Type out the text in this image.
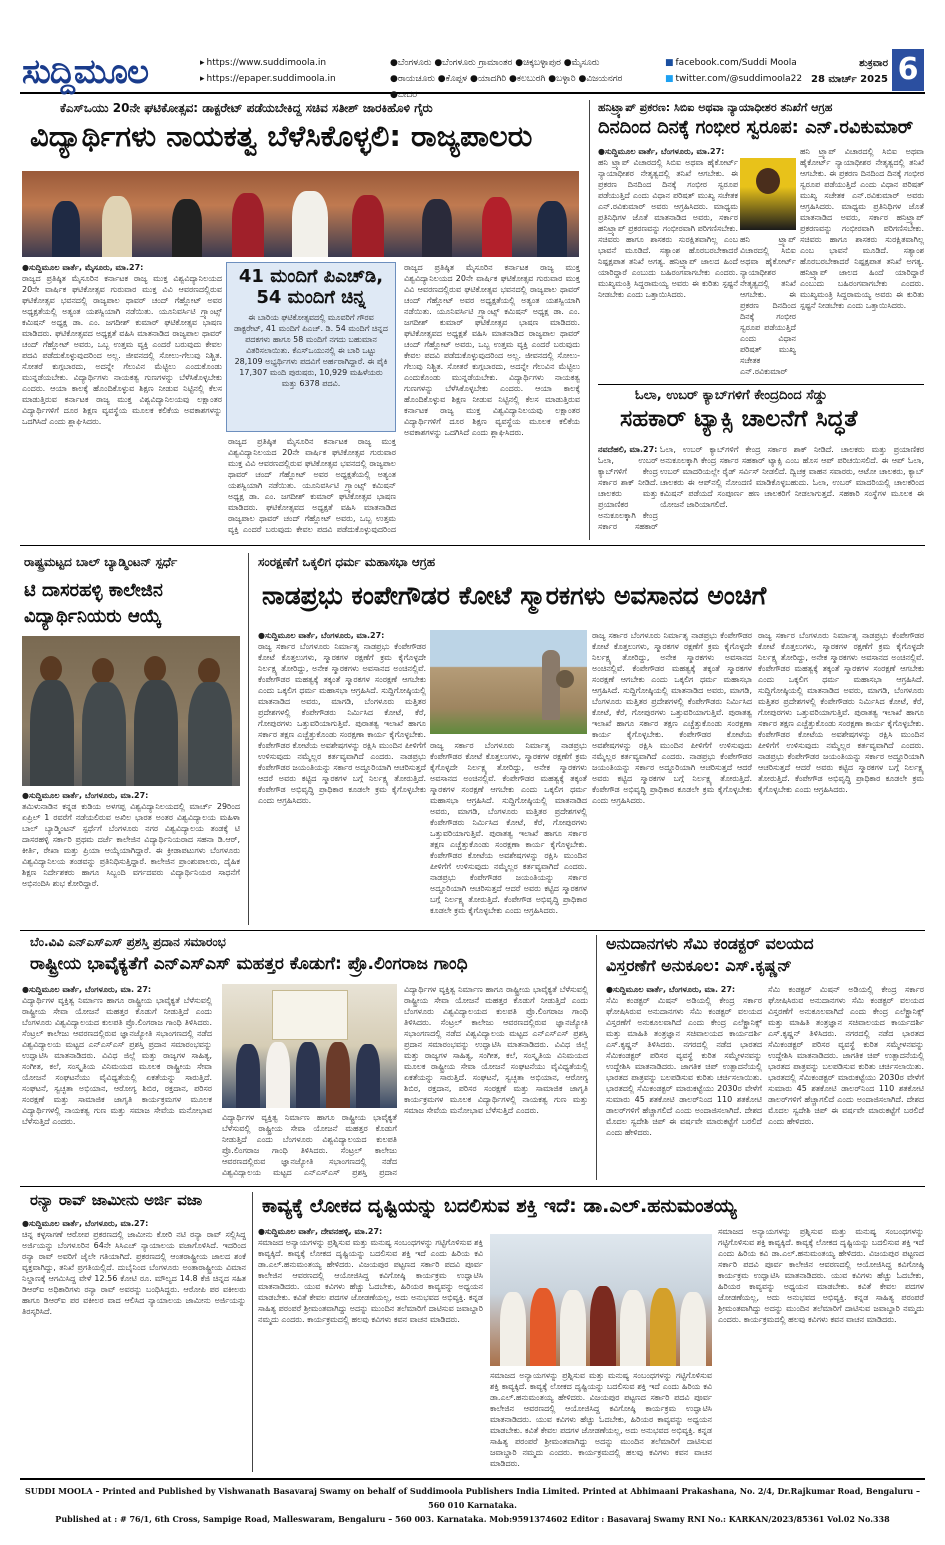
ಸುದ್ದಿಮೂಲ	▸ https://www.suddimoola.in
▸ https://epaper.suddimoola.in
●ಬೆಂಗಳೂರು ●ಬೆಂಗಳೂರು ಗ್ರಾಮಾಂತರ ●ಚಿಕ್ಕಬಳ್ಳಾಪುರ ●ಮೈಸೂರು
●ರಾಯಚೂರು ●ಕೊಪ್ಪಳ ●ಯಾದಗಿರಿ ●ಕಲಬುರಗಿ ●ಬಳ್ಳಾರಿ ●ವಿಜಯನಗರ ●ಬೀದರ
■ facebook.com/Suddi Moola
■ twitter.com/@suddimoola22
ಶುಕ್ರವಾರ
28 ಮಾರ್ಚ್ 2025 6
ಕೆಎಸ್‌ಒಯು 20ನೇ ಘಟಿಕೋತ್ಸವ: ಡಾಕ್ಟರೇಟ್ ಪಡೆಯಬೇಕಿದ್ದ ಸಚಿವ ಸತೀಶ್ ಜಾರಕಿಹೊಳಿ ಗೈರು
ವಿದ್ಯಾರ್ಥಿಗಳು ನಾಯಕತ್ವ ಬೆಳೆಸಿಕೊಳ್ಳಲಿ: ರಾಜ್ಯಪಾಲರು
●ಸುದ್ದಿಮೂಲ ವಾರ್ತೆ, ಮೈಸೂರು, ಮಾ.27:
ರಾಜ್ಯದ ಪ್ರತಿಷ್ಠಿತ ಮೈಸೂರಿನ ಕರ್ನಾಟಕ ರಾಜ್ಯ ಮುಕ್ತ ವಿಶ್ವವಿದ್ಯಾನಿಲಯದ 20ನೇ ವಾರ್ಷಿಕ ಘಟಿಕೋತ್ಸವ ಗುರುವಾರ ಮುಕ್ತ ವಿವಿ ಆವರಣದಲ್ಲಿರುವ ಘಟಿಕೋತ್ಸವ ಭವನದಲ್ಲಿ ರಾಜ್ಯಪಾಲ ಥಾವರ್ ಚಂದ್ ಗೆಹ್ಲೋಟ್ ಅವರ ಅಧ್ಯಕ್ಷತೆಯಲ್ಲಿ ಅತ್ಯಂತ ಯಶಸ್ವಿಯಾಗಿ ನಡೆಯಿತು. ಯೂನಿವರ್ಸಿಟಿ ಗ್ರ್ಯಾಂಟ್ಸ್ ಕಮಿಷನ್ ಅಧ್ಯಕ್ಷ ಡಾ. ಎಂ. ಜಗದೀಶ್ ಕುಮಾರ್ ಘಟಿಕೋತ್ಸವ ಭಾಷಣ ಮಾಡಿದರು. ಘಟಿಕೋತ್ಸವದ ಅಧ್ಯಕ್ಷತೆ ವಹಿಸಿ ಮಾತನಾಡಿದ ರಾಜ್ಯಪಾಲ ಥಾವರ್ ಚಂದ್ ಗೆಹ್ಲೋಟ್ ಅವರು, ಒಬ್ಬ ಉತ್ತಮ ವ್ಯಕ್ತಿ ಎಂದರೆ ಬರುವುದು ಕೇವಲ ಪದವಿ ಪಡೆದುಕೊಳ್ಳುವುದರಿಂದ ಅಲ್ಲ. ಜೀವನದಲ್ಲಿ ಸೋಲು-ಗೆಲುವು ನಿಶ್ಚಿತ. ಸೋತರೆ ಕುಗ್ಗಬಾರದು, ಅದನ್ನೇ ಗೆಲುವಿನ ಮೆಟ್ಟಿಲು ಎಂದುಕೊಂಡು ಮುನ್ನಡೆಯಬೇಕು. ವಿದ್ಯಾರ್ಥಿಗಳು ನಾಯಕತ್ವ ಗುಣಗಳನ್ನು ಬೆಳೆಸಿಕೊಳ್ಳಬೇಕು ಎಂದರು. ಆಯಾ ಕಾಲಕ್ಕೆ ಹೊಂದಿಕೊಳ್ಳುವ ಶಿಕ್ಷಣ ನೀಡುವ ನಿಟ್ಟಿನಲ್ಲಿ ಕೆಲಸ ಮಾಡುತ್ತಿರುವ ಕರ್ನಾಟಕ ರಾಜ್ಯ ಮುಕ್ತ ವಿಶ್ವವಿದ್ಯಾನಿಲಯವು ಲಕ್ಷಾಂತರ ವಿದ್ಯಾರ್ಥಿಗಳಿಗೆ ದೂರ ಶಿಕ್ಷಣ ವ್ಯವಸ್ಥೆಯ ಮೂಲಕ ಕಲಿಕೆಯ ಅವಕಾಶಗಳನ್ನು ಒದಗಿಸಿದೆ ಎಂದು ಶ್ಲಾಘಿಸಿದರು.
ರಾಜ್ಯದ ಪ್ರತಿಷ್ಠಿತ ಮೈಸೂರಿನ ಕರ್ನಾಟಕ ರಾಜ್ಯ ಮುಕ್ತ ವಿಶ್ವವಿದ್ಯಾನಿಲಯದ 20ನೇ ವಾರ್ಷಿಕ ಘಟಿಕೋತ್ಸವ ಗುರುವಾರ ಮುಕ್ತ ವಿವಿ ಆವರಣದಲ್ಲಿರುವ ಘಟಿಕೋತ್ಸವ ಭವನದಲ್ಲಿ ರಾಜ್ಯಪಾಲ ಥಾವರ್ ಚಂದ್ ಗೆಹ್ಲೋಟ್ ಅವರ ಅಧ್ಯಕ್ಷತೆಯಲ್ಲಿ ಅತ್ಯಂತ ಯಶಸ್ವಿಯಾಗಿ ನಡೆಯಿತು. ಯೂನಿವರ್ಸಿಟಿ ಗ್ರ್ಯಾಂಟ್ಸ್ ಕಮಿಷನ್ ಅಧ್ಯಕ್ಷ ಡಾ. ಎಂ. ಜಗದೀಶ್ ಕುಮಾರ್ ಘಟಿಕೋತ್ಸವ ಭಾಷಣ ಮಾಡಿದರು. ಘಟಿಕೋತ್ಸವದ ಅಧ್ಯಕ್ಷತೆ ವಹಿಸಿ ಮಾತನಾಡಿದ ರಾಜ್ಯಪಾಲ ಥಾವರ್ ಚಂದ್ ಗೆಹ್ಲೋಟ್ ಅವರು, ಒಬ್ಬ ಉತ್ತಮ ವ್ಯಕ್ತಿ ಎಂದರೆ ಬರುವುದು ಕೇವಲ ಪದವಿ ಪಡೆದುಕೊಳ್ಳುವುದರಿಂದ
ರಾಜ್ಯದ ಪ್ರತಿಷ್ಠಿತ ಮೈಸೂರಿನ ಕರ್ನಾಟಕ ರಾಜ್ಯ ಮುಕ್ತ ವಿಶ್ವವಿದ್ಯಾನಿಲಯದ 20ನೇ ವಾರ್ಷಿಕ ಘಟಿಕೋತ್ಸವ ಗುರುವಾರ ಮುಕ್ತ ವಿವಿ ಆವರಣದಲ್ಲಿರುವ ಘಟಿಕೋತ್ಸವ ಭವನದಲ್ಲಿ ರಾಜ್ಯಪಾಲ ಥಾವರ್ ಚಂದ್ ಗೆಹ್ಲೋಟ್ ಅವರ ಅಧ್ಯಕ್ಷತೆಯಲ್ಲಿ ಅತ್ಯಂತ ಯಶಸ್ವಿಯಾಗಿ ನಡೆಯಿತು. ಯೂನಿವರ್ಸಿಟಿ ಗ್ರ್ಯಾಂಟ್ಸ್ ಕಮಿಷನ್ ಅಧ್ಯಕ್ಷ ಡಾ. ಎಂ. ಜಗದೀಶ್ ಕುಮಾರ್ ಘಟಿಕೋತ್ಸವ ಭಾಷಣ ಮಾಡಿದರು. ಘಟಿಕೋತ್ಸವದ ಅಧ್ಯಕ್ಷತೆ ವಹಿಸಿ ಮಾತನಾಡಿದ ರಾಜ್ಯಪಾಲ ಥಾವರ್ ಚಂದ್ ಗೆಹ್ಲೋಟ್ ಅವರು, ಒಬ್ಬ ಉತ್ತಮ ವ್ಯಕ್ತಿ ಎಂದರೆ ಬರುವುದು ಕೇವಲ ಪದವಿ ಪಡೆದುಕೊಳ್ಳುವುದರಿಂದ ಅಲ್ಲ. ಜೀವನದಲ್ಲಿ ಸೋಲು-ಗೆಲುವು ನಿಶ್ಚಿತ. ಸೋತರೆ ಕುಗ್ಗಬಾರದು, ಅದನ್ನೇ ಗೆಲುವಿನ ಮೆಟ್ಟಿಲು ಎಂದುಕೊಂಡು ಮುನ್ನಡೆಯಬೇಕು. ವಿದ್ಯಾರ್ಥಿಗಳು ನಾಯಕತ್ವ ಗುಣಗಳನ್ನು ಬೆಳೆಸಿಕೊಳ್ಳಬೇಕು ಎಂದರು. ಆಯಾ ಕಾಲಕ್ಕೆ ಹೊಂದಿಕೊಳ್ಳುವ ಶಿಕ್ಷಣ ನೀಡುವ ನಿಟ್ಟಿನಲ್ಲಿ ಕೆಲಸ ಮಾಡುತ್ತಿರುವ ಕರ್ನಾಟಕ ರಾಜ್ಯ ಮುಕ್ತ ವಿಶ್ವವಿದ್ಯಾನಿಲಯವು ಲಕ್ಷಾಂತರ ವಿದ್ಯಾರ್ಥಿಗಳಿಗೆ ದೂರ ಶಿಕ್ಷಣ ವ್ಯವಸ್ಥೆಯ ಮೂಲಕ ಕಲಿಕೆಯ ಅವಕಾಶಗಳನ್ನು ಒದಗಿಸಿದೆ ಎಂದು ಶ್ಲಾಘಿಸಿದರು.
41 ಮಂದಿಗೆ ಪಿಎಚ್‌ಡಿ,
54 ಮಂದಿಗೆ ಚಿನ್ನ
ಈ ಬಾರಿಯ ಘಟಿಕೋತ್ಸವದಲ್ಲಿ ಮೂವರಿಗೆ ಗೌರವ ಡಾಕ್ಟರೇಟ್, 41 ಮಂದಿಗೆ ಪಿಎಚ್. ಡಿ. 54 ಮಂದಿಗೆ ಚಿನ್ನದ ಪದಕಗಳು ಹಾಗೂ 58 ಮಂದಿಗೆ ನಗದು ಬಹುಮಾನ ವಿತರಿಸಲಾಯಿತು. ಕೆಎಸ್‌ಒಯುನಲ್ಲಿ ಈ ಬಾರಿ ಒಟ್ಟು 28,109 ಅಭ್ಯರ್ಥಿಗಳು ಪದವಿಗೆ ಅರ್ಹರಾಗಿದ್ದಾರೆ. ಈ ಪೈಕಿ 17,307 ಮಂದಿ ಪುರುಷರು, 10,929 ಮಹಿಳೆಯರು ಮತ್ತು 6378 ಪದವಿ.
ಹನಿಟ್ರ್ಯಾಪ್ ಪ್ರಕರಣ: ಸಿಬಿಐ ಅಥವಾ ನ್ಯಾಯಾಧೀಶರ ತನಿಖೆಗೆ ಆಗ್ರಹ
ದಿನದಿಂದ ದಿನಕ್ಕೆ ಗಂಭೀರ ಸ್ವರೂಪ: ಎನ್.ರವಿಕುಮಾರ್
●ಸುದ್ದಿಮೂಲ ವಾರ್ತೆ, ಬೆಂಗಳೂರು, ಮಾ.27:
ಹನಿ ಟ್ರ್ಯಾಪ್ ವಿಚಾರದಲ್ಲಿ ಸಿಬಿಐ ಅಥವಾ ಹೈಕೋರ್ಟ್ ನ್ಯಾಯಾಧೀಶರ ನೇತೃತ್ವದಲ್ಲಿ ತನಿಖೆ ಆಗಬೇಕು. ಈ ಪ್ರಕರಣ ದಿನದಿಂದ ದಿನಕ್ಕೆ ಗಂಭೀರ ಸ್ವರೂಪ ಪಡೆಯುತ್ತಿದೆ ಎಂದು ವಿಧಾನ ಪರಿಷತ್ ಮುಖ್ಯ ಸಚೇತಕ ಎನ್.ರವಿಕುಮಾರ್ ಅವರು ಆಗ್ರಹಿಸಿದರು. ಮಾಧ್ಯಮ ಪ್ರತಿನಿಧಿಗಳ ಜೊತೆ ಮಾತನಾಡಿದ ಅವರು, ಸರ್ಕಾರ ಹನಿಟ್ರ್ಯಾಪ್ ಪ್ರಕರಣವನ್ನು ಗಂಭೀರವಾಗಿ ಪರಿಗಣಿಸಬೇಕು. ಸಚಿವರು ಹಾಗೂ ಶಾಸಕರು ಸುರಕ್ಷಿತವಾಗಿಲ್ಲ ಎಂಬ ಭಾವನೆ ಮೂಡಿದೆ. ಸತ್ಯಾಂಶ ಹೊರಬರಬೇಕಾದರೆ ನಿಷ್ಪಕ್ಷಪಾತ ತನಿಖೆ ಅಗತ್ಯ. ಹನಿಟ್ರ್ಯಾಪ್ ಜಾಲದ ಹಿಂದೆ ಯಾರಿದ್ದಾರೆ ಎಂಬುದು ಬಹಿರಂಗವಾಗಬೇಕು ಎಂದರು. ಮುಖ್ಯಮಂತ್ರಿ ಸಿದ್ದರಾಮಯ್ಯ ಅವರು ಈ ಕುರಿತು ಸ್ಪಷ್ಟನೆ ನೀಡಬೇಕು ಎಂದು ಒತ್ತಾಯಿಸಿದರು.
ಹನಿ ಟ್ರ್ಯಾಪ್ ವಿಚಾರದಲ್ಲಿ ಸಿಬಿಐ ಅಥವಾ ಹೈಕೋರ್ಟ್ ನ್ಯಾಯಾಧೀಶರ ನೇತೃತ್ವದಲ್ಲಿ ತನಿಖೆ ಆಗಬೇಕು. ಈ ಪ್ರಕರಣ ದಿನದಿಂದ ದಿನಕ್ಕೆ ಗಂಭೀರ ಸ್ವರೂಪ ಪಡೆಯುತ್ತಿದೆ ಎಂದು ವಿಧಾನ ಪರಿಷತ್ ಮುಖ್ಯ ಸಚೇತಕ ಎನ್.ರವಿಕುಮಾರ್ ಅವರು ಆಗ್ರಹಿಸಿದರು. ಮಾಧ್ಯಮ ಪ್ರತಿನಿಧಿಗಳ ಜೊತೆ ಮಾತನಾಡಿದ ಅವರು, ಸರ್ಕಾರ ಹನಿಟ್ರ್ಯಾಪ್ ಪ್ರಕರಣವನ್ನು ಗಂಭೀರವಾಗಿ ಪರಿಗಣಿಸಬೇಕು. ಸಚಿವರು ಹಾಗೂ ಶಾಸಕರು ಸುರಕ್ಷಿತವಾಗಿಲ್ಲ ಎಂಬ ಭಾವನೆ ಮೂಡಿದೆ. ಸತ್ಯಾಂಶ ಹೊರಬರಬೇಕಾದರೆ ನಿಷ್ಪಕ್ಷಪಾತ ತನಿಖೆ ಅಗತ್ಯ. ಹನಿಟ್ರ್ಯಾಪ್ ಜಾಲದ ಹಿಂದೆ ಯಾರಿದ್ದಾರೆ ಎಂಬುದು ಬಹಿರಂಗವಾಗಬೇಕು ಎಂದರು. ಮುಖ್ಯಮಂತ್ರಿ ಸಿದ್ದರಾಮಯ್ಯ ಅವರು ಈ ಕುರಿತು ಸ್ಪಷ್ಟನೆ ನೀಡಬೇಕು ಎಂದು ಒತ್ತಾಯಿಸಿದರು.
ಹನಿ ಟ್ರ್ಯಾಪ್ ವಿಚಾರದಲ್ಲಿ ಸಿಬಿಐ ಅಥವಾ ಹೈಕೋರ್ಟ್ ನ್ಯಾಯಾಧೀಶರ ನೇತೃತ್ವದಲ್ಲಿ ತನಿಖೆ ಆಗಬೇಕು. ಈ ಪ್ರಕರಣ ದಿನದಿಂದ ದಿನಕ್ಕೆ ಗಂಭೀರ ಸ್ವರೂಪ ಪಡೆಯುತ್ತಿದೆ ಎಂದು ವಿಧಾನ ಪರಿಷತ್ ಮುಖ್ಯ ಸಚೇತಕ ಎನ್.ರವಿಕುಮಾರ್
ಓಲಾ, ಉಬರ್ ಕ್ಯಾಬ್‌ಗಳಿಗೆ ಕೇಂದ್ರದಿಂದ ಸೆಡ್ಡು
ಸಹಕಾರ್ ಟ್ಯಾಕ್ಸಿ ಚಾಲನೆಗೆ ಸಿದ್ಧತೆ
ನವದೆಹಲಿ, ಮಾ.27: ಓಲಾ, ಉಬರ್ ಕ್ಯಾಬ್‌ಗಳಿಗೆ ಕೇಂದ್ರ ಸರ್ಕಾರ ಶಾಕ್ ನೀಡಿದೆ. ಚಾಲಕರು ಮತ್ತು ಪ್ರಯಾಣಿಕರ ಅನುಕೂಲಕ್ಕಾಗಿ ಕೇಂದ್ರ ಸರ್ಕಾರ ಸಹಕಾರ್ ಟ್ಯಾಕ್ಸಿ ಎಂಬ ಹೊಸ ಆಪ್ ಪರಿಚಯಿಸಲಿದೆ. ಈ ಆಪ್ ಓಲಾ, ಉಬರ್ ಮಾದರಿಯಲ್ಲೇ ರೈಡ್ ಸರ್ವಿಸ್ ನೀಡಲಿದೆ. ದ್ವಿಚಕ್ರ ವಾಹನ ಸವಾರರು, ಆಟೋ ಚಾಲಕರು, ಕ್ಯಾಬ್ ಚಾಲಕರು ಈ ಆಪ್‌ನಲ್ಲಿ ನೋಂದಣಿ ಮಾಡಿಕೊಳ್ಳಬಹುದು. ಓಲಾ, ಉಬರ್ ಮಾದರಿಯಲ್ಲಿ ಚಾಲಕರಿಂದ ಕಮಿಷನ್ ಪಡೆಯದೆ ಸಂಪೂರ್ಣ ಹಣ ಚಾಲಕರಿಗೆ ನೀಡಲಾಗುತ್ತದೆ. ಸಹಕಾರಿ ಸಂಸ್ಥೆಗಳ ಮೂಲಕ ಈ ಯೋಜನೆ ಜಾರಿಯಾಗಲಿದೆ.
ಓಲಾ, ಉಬರ್ ಕ್ಯಾಬ್‌ಗಳಿಗೆ ಕೇಂದ್ರ ಸರ್ಕಾರ ಶಾಕ್ ನೀಡಿದೆ. ಚಾಲಕರು ಮತ್ತು ಪ್ರಯಾಣಿಕರ ಅನುಕೂಲಕ್ಕಾಗಿ ಕೇಂದ್ರ ಸರ್ಕಾರ ಸಹಕಾರ್
ರಾಷ್ಟ್ರಮಟ್ಟದ ಬಾಲ್ ಬ್ಯಾಡ್ಮಿಂಟನ್ ಸ್ಪರ್ಧೆ
ಟಿ ದಾಸರಹಳ್ಳಿ ಕಾಲೇಜಿನ ವಿದ್ಯಾರ್ಥಿನಿಯರು ಆಯ್ಕೆ
●ಸುದ್ದಿಮೂಲ ವಾರ್ತೆ, ಬೆಂಗಳೂರು, ಮಾ.27:
ತಮಿಳುನಾಡಿನ ಕನ್ನಡ ಕುಡಿಯ ಅಳಗಪ್ಪ ವಿಶ್ವವಿದ್ಯಾನಿಲಯದಲ್ಲಿ ಮಾರ್ಚ್ 29ರಿಂದ ಏಪ್ರಿಲ್ 1 ರವರೆಗೆ ನಡೆಯಲಿರುವ ಅಖಿಲ ಭಾರತ ಅಂತರ ವಿಶ್ವವಿದ್ಯಾಲಯ ಮಹಿಳಾ ಬಾಲ್ ಬ್ಯಾಡ್ಮಿಂಟನ್ ಸ್ಪರ್ಧೆಗೆ ಬೆಂಗಳೂರು ನಗರ ವಿಶ್ವವಿದ್ಯಾಲಯ ತಂಡಕ್ಕೆ ಟಿ ದಾಸರಹಳ್ಳಿ ಸರ್ಕಾರಿ ಪ್ರಥಮ ದರ್ಜೆ ಕಾಲೇಜಿನ ವಿದ್ಯಾರ್ಥಿನಿಯರಾದ ಸಹನಾ ಡಿ.ಆರ್, ಕೀರ್ತಿ, ರೇಖಾ ಮತ್ತು ಪ್ರಿಯಾ ಆಯ್ಕೆಯಾಗಿದ್ದಾರೆ. ಈ ಕ್ರೀಡಾಪಟುಗಳು ಬೆಂಗಳೂರು ವಿಶ್ವವಿದ್ಯಾನಿಲಯ ತಂಡವನ್ನು ಪ್ರತಿನಿಧಿಸುತ್ತಿದ್ದಾರೆ. ಕಾಲೇಜಿನ ಪ್ರಾಂಶುಪಾಲರು, ದೈಹಿಕ ಶಿಕ್ಷಣ ನಿರ್ದೇಶಕರು ಹಾಗೂ ಸಿಬ್ಬಂದಿ ವರ್ಗದವರು ವಿದ್ಯಾರ್ಥಿನಿಯರ ಸಾಧನೆಗೆ ಅಭಿನಂದಿಸಿ ಶುಭ ಕೋರಿದ್ದಾರೆ.
ಸಂರಕ್ಷಣೆಗೆ ಒಕ್ಕಲಿಗ ಧರ್ಮ ಮಹಾಸಭಾ ಆಗ್ರಹ
ನಾಡಪ್ರಭು ಕಂಪೇಗೌಡರ ಕೋಟೆ ಸ್ಮಾರಕಗಳು ಅವಸಾನದ ಅಂಚಿಗೆ
●ಸುದ್ದಿಮೂಲ ವಾರ್ತೆ, ಬೆಂಗಳೂರು, ಮಾ.27:
ರಾಜ್ಯ ಸರ್ಕಾರ ಬೆಂಗಳೂರು ನಿರ್ಮಾತೃ ನಾಡಪ್ರಭು ಕೆಂಪೇಗೌಡರ ಕೋಟೆ ಕೊತ್ತಲುಗಳು, ಸ್ಮಾರಕಗಳ ರಕ್ಷಣೆಗೆ ಕ್ರಮ ಕೈಗೊಳ್ಳದೇ ನಿರ್ಲಕ್ಷ್ಯ ತೋರಿದ್ದು, ಅನೇಕ ಸ್ಮಾರಕಗಳು ಅವಸಾನದ ಅಂಚಿನಲ್ಲಿವೆ. ಕೆಂಪೇಗೌಡರ ಮಹತ್ವಕ್ಕೆ ತಕ್ಕಂತೆ ಸ್ಮಾರಕಗಳ ಸಂರಕ್ಷಣೆ ಆಗಬೇಕು ಎಂದು ಒಕ್ಕಲಿಗ ಧರ್ಮ ಮಹಾಸಭಾ ಆಗ್ರಹಿಸಿದೆ. ಸುದ್ದಿಗೋಷ್ಠಿಯಲ್ಲಿ ಮಾತನಾಡಿದ ಅವರು, ಮಾಗಡಿ, ಬೆಂಗಳೂರು ಮತ್ತಿತರ ಪ್ರದೇಶಗಳಲ್ಲಿ ಕೆಂಪೇಗೌಡರು ನಿರ್ಮಿಸಿದ ಕೋಟೆ, ಕೆರೆ, ಗೋಪುರಗಳು ಒತ್ತುವರಿಯಾಗುತ್ತಿವೆ. ಪುರಾತತ್ವ ಇಲಾಖೆ ಹಾಗೂ ಸರ್ಕಾರ ತಕ್ಷಣ ಎಚ್ಚೆತ್ತುಕೊಂಡು ಸಂರಕ್ಷಣಾ ಕಾರ್ಯ ಕೈಗೊಳ್ಳಬೇಕು. ಕೆಂಪೇಗೌಡರ ಕೋಟೆಯ ಅವಶೇಷಗಳನ್ನು ರಕ್ಷಿಸಿ ಮುಂದಿನ ಪೀಳಿಗೆಗೆ ಉಳಿಸುವುದು ನಮ್ಮೆಲ್ಲರ ಕರ್ತವ್ಯವಾಗಿದೆ ಎಂದರು. ನಾಡಪ್ರಭು ಕೆಂಪೇಗೌಡರ ಜಯಂತಿಯನ್ನು ಸರ್ಕಾರ ಅದ್ದೂರಿಯಾಗಿ ಆಚರಿಸುತ್ತದೆ ಆದರೆ ಅವರು ಕಟ್ಟಿದ ಸ್ಮಾರಕಗಳ ಬಗ್ಗೆ ನಿರ್ಲಕ್ಷ್ಯ ತೋರುತ್ತಿದೆ. ಕೆಂಪೇಗೌಡ ಅಭಿವೃದ್ಧಿ ಪ್ರಾಧಿಕಾರ ಕೂಡಲೇ ಕ್ರಮ ಕೈಗೊಳ್ಳಬೇಕು ಎಂದು ಆಗ್ರಹಿಸಿದರು.
ರಾಜ್ಯ ಸರ್ಕಾರ ಬೆಂಗಳೂರು ನಿರ್ಮಾತೃ ನಾಡಪ್ರಭು ಕೆಂಪೇಗೌಡರ ಕೋಟೆ ಕೊತ್ತಲುಗಳು, ಸ್ಮಾರಕಗಳ ರಕ್ಷಣೆಗೆ ಕ್ರಮ ಕೈಗೊಳ್ಳದೇ ನಿರ್ಲಕ್ಷ್ಯ ತೋರಿದ್ದು, ಅನೇಕ ಸ್ಮಾರಕಗಳು ಅವಸಾನದ ಅಂಚಿನಲ್ಲಿವೆ. ಕೆಂಪೇಗೌಡರ ಮಹತ್ವಕ್ಕೆ ತಕ್ಕಂತೆ ಸ್ಮಾರಕಗಳ ಸಂರಕ್ಷಣೆ ಆಗಬೇಕು ಎಂದು ಒಕ್ಕಲಿಗ ಧರ್ಮ ಮಹಾಸಭಾ ಆಗ್ರಹಿಸಿದೆ. ಸುದ್ದಿಗೋಷ್ಠಿಯಲ್ಲಿ ಮಾತನಾಡಿದ ಅವರು, ಮಾಗಡಿ, ಬೆಂಗಳೂರು ಮತ್ತಿತರ ಪ್ರದೇಶಗಳಲ್ಲಿ ಕೆಂಪೇಗೌಡರು ನಿರ್ಮಿಸಿದ ಕೋಟೆ, ಕೆರೆ, ಗೋಪುರಗಳು ಒತ್ತುವರಿಯಾಗುತ್ತಿವೆ. ಪುರಾತತ್ವ ಇಲಾಖೆ ಹಾಗೂ ಸರ್ಕಾರ ತಕ್ಷಣ ಎಚ್ಚೆತ್ತುಕೊಂಡು ಸಂರಕ್ಷಣಾ ಕಾರ್ಯ ಕೈಗೊಳ್ಳಬೇಕು. ಕೆಂಪೇಗೌಡರ ಕೋಟೆಯ ಅವಶೇಷಗಳನ್ನು ರಕ್ಷಿಸಿ ಮುಂದಿನ ಪೀಳಿಗೆಗೆ ಉಳಿಸುವುದು ನಮ್ಮೆಲ್ಲರ ಕರ್ತವ್ಯವಾಗಿದೆ ಎಂದರು. ನಾಡಪ್ರಭು ಕೆಂಪೇಗೌಡರ ಜಯಂತಿಯನ್ನು ಸರ್ಕಾರ ಅದ್ದೂರಿಯಾಗಿ ಆಚರಿಸುತ್ತದೆ ಆದರೆ ಅವರು ಕಟ್ಟಿದ ಸ್ಮಾರಕಗಳ ಬಗ್ಗೆ ನಿರ್ಲಕ್ಷ್ಯ ತೋರುತ್ತಿದೆ. ಕೆಂಪೇಗೌಡ ಅಭಿವೃದ್ಧಿ ಪ್ರಾಧಿಕಾರ ಕೂಡಲೇ ಕ್ರಮ ಕೈಗೊಳ್ಳಬೇಕು ಎಂದು ಆಗ್ರಹಿಸಿದರು.
ರಾಜ್ಯ ಸರ್ಕಾರ ಬೆಂಗಳೂರು ನಿರ್ಮಾತೃ ನಾಡಪ್ರಭು ಕೆಂಪೇಗೌಡರ ಕೋಟೆ ಕೊತ್ತಲುಗಳು, ಸ್ಮಾರಕಗಳ ರಕ್ಷಣೆಗೆ ಕ್ರಮ ಕೈಗೊಳ್ಳದೇ ನಿರ್ಲಕ್ಷ್ಯ ತೋರಿದ್ದು, ಅನೇಕ ಸ್ಮಾರಕಗಳು ಅವಸಾನದ ಅಂಚಿನಲ್ಲಿವೆ. ಕೆಂಪೇಗೌಡರ ಮಹತ್ವಕ್ಕೆ ತಕ್ಕಂತೆ ಸ್ಮಾರಕಗಳ ಸಂರಕ್ಷಣೆ ಆಗಬೇಕು ಎಂದು ಒಕ್ಕಲಿಗ ಧರ್ಮ ಮಹಾಸಭಾ ಆಗ್ರಹಿಸಿದೆ. ಸುದ್ದಿಗೋಷ್ಠಿಯಲ್ಲಿ ಮಾತನಾಡಿದ ಅವರು, ಮಾಗಡಿ, ಬೆಂಗಳೂರು ಮತ್ತಿತರ ಪ್ರದೇಶಗಳಲ್ಲಿ ಕೆಂಪೇಗೌಡರು ನಿರ್ಮಿಸಿದ ಕೋಟೆ, ಕೆರೆ, ಗೋಪುರಗಳು ಒತ್ತುವರಿಯಾಗುತ್ತಿವೆ. ಪುರಾತತ್ವ ಇಲಾಖೆ ಹಾಗೂ ಸರ್ಕಾರ ತಕ್ಷಣ ಎಚ್ಚೆತ್ತುಕೊಂಡು ಸಂರಕ್ಷಣಾ ಕಾರ್ಯ ಕೈಗೊಳ್ಳಬೇಕು. ಕೆಂಪೇಗೌಡರ ಕೋಟೆಯ ಅವಶೇಷಗಳನ್ನು ರಕ್ಷಿಸಿ ಮುಂದಿನ ಪೀಳಿಗೆಗೆ ಉಳಿಸುವುದು ನಮ್ಮೆಲ್ಲರ ಕರ್ತವ್ಯವಾಗಿದೆ ಎಂದರು. ನಾಡಪ್ರಭು ಕೆಂಪೇಗೌಡರ ಜಯಂತಿಯನ್ನು ಸರ್ಕಾರ ಅದ್ದೂರಿಯಾಗಿ ಆಚರಿಸುತ್ತದೆ ಆದರೆ ಅವರು ಕಟ್ಟಿದ ಸ್ಮಾರಕಗಳ ಬಗ್ಗೆ ನಿರ್ಲಕ್ಷ್ಯ ತೋರುತ್ತಿದೆ. ಕೆಂಪೇಗೌಡ ಅಭಿವೃದ್ಧಿ ಪ್ರಾಧಿಕಾರ ಕೂಡಲೇ ಕ್ರಮ ಕೈಗೊಳ್ಳಬೇಕು ಎಂದು ಆಗ್ರಹಿಸಿದರು.
ರಾಜ್ಯ ಸರ್ಕಾರ ಬೆಂಗಳೂರು ನಿರ್ಮಾತೃ ನಾಡಪ್ರಭು ಕೆಂಪೇಗೌಡರ ಕೋಟೆ ಕೊತ್ತಲುಗಳು, ಸ್ಮಾರಕಗಳ ರಕ್ಷಣೆಗೆ ಕ್ರಮ ಕೈಗೊಳ್ಳದೇ ನಿರ್ಲಕ್ಷ್ಯ ತೋರಿದ್ದು, ಅನೇಕ ಸ್ಮಾರಕಗಳು ಅವಸಾನದ ಅಂಚಿನಲ್ಲಿವೆ. ಕೆಂಪೇಗೌಡರ ಮಹತ್ವಕ್ಕೆ ತಕ್ಕಂತೆ ಸ್ಮಾರಕಗಳ ಸಂರಕ್ಷಣೆ ಆಗಬೇಕು ಎಂದು ಒಕ್ಕಲಿಗ ಧರ್ಮ ಮಹಾಸಭಾ ಆಗ್ರಹಿಸಿದೆ. ಸುದ್ದಿಗೋಷ್ಠಿಯಲ್ಲಿ ಮಾತನಾಡಿದ ಅವರು, ಮಾಗಡಿ, ಬೆಂಗಳೂರು ಮತ್ತಿತರ ಪ್ರದೇಶಗಳಲ್ಲಿ ಕೆಂಪೇಗೌಡರು ನಿರ್ಮಿಸಿದ ಕೋಟೆ, ಕೆರೆ, ಗೋಪುರಗಳು ಒತ್ತುವರಿಯಾಗುತ್ತಿವೆ. ಪುರಾತತ್ವ ಇಲಾಖೆ ಹಾಗೂ ಸರ್ಕಾರ ತಕ್ಷಣ ಎಚ್ಚೆತ್ತುಕೊಂಡು ಸಂರಕ್ಷಣಾ ಕಾರ್ಯ ಕೈಗೊಳ್ಳಬೇಕು. ಕೆಂಪೇಗೌಡರ ಕೋಟೆಯ ಅವಶೇಷಗಳನ್ನು ರಕ್ಷಿಸಿ ಮುಂದಿನ ಪೀಳಿಗೆಗೆ ಉಳಿಸುವುದು ನಮ್ಮೆಲ್ಲರ ಕರ್ತವ್ಯವಾಗಿದೆ ಎಂದರು. ನಾಡಪ್ರಭು ಕೆಂಪೇಗೌಡರ ಜಯಂತಿಯನ್ನು ಸರ್ಕಾರ ಅದ್ದೂರಿಯಾಗಿ ಆಚರಿಸುತ್ತದೆ ಆದರೆ ಅವರು ಕಟ್ಟಿದ ಸ್ಮಾರಕಗಳ ಬಗ್ಗೆ ನಿರ್ಲಕ್ಷ್ಯ ತೋರುತ್ತಿದೆ. ಕೆಂಪೇಗೌಡ ಅಭಿವೃದ್ಧಿ ಪ್ರಾಧಿಕಾರ ಕೂಡಲೇ ಕ್ರಮ ಕೈಗೊಳ್ಳಬೇಕು ಎಂದು ಆಗ್ರಹಿಸಿದರು.
ಬೆಂ.ವಿವಿ ಎನ್‌ಎಸ್‌ಎಸ್ ಪ್ರಶಸ್ತಿ ಪ್ರದಾನ ಸಮಾರಂಭ
ರಾಷ್ಟ್ರೀಯ ಭಾವೈಕ್ಯತೆಗೆ ಎನ್‌ಎಸ್‌ಎಸ್ ಮಹತ್ತರ ಕೊಡುಗೆ: ಪ್ರೊ.ಲಿಂಗರಾಜ ಗಾಂಧಿ
●ಸುದ್ದಿಮೂಲ ವಾರ್ತೆ, ಬೆಂಗಳೂರು, ಮಾ. 27:
ವಿದ್ಯಾರ್ಥಿಗಳ ವ್ಯಕ್ತಿತ್ವ ನಿರ್ಮಾಣ ಹಾಗೂ ರಾಷ್ಟ್ರೀಯ ಭಾವೈಕ್ಯತೆ ಬೆಳೆಸುವಲ್ಲಿ ರಾಷ್ಟ್ರೀಯ ಸೇವಾ ಯೋಜನೆ ಮಹತ್ತರ ಕೊಡುಗೆ ನೀಡುತ್ತಿದೆ ಎಂದು ಬೆಂಗಳೂರು ವಿಶ್ವವಿದ್ಯಾಲಯದ ಕುಲಪತಿ ಪ್ರೊ.ಲಿಂಗರಾಜ ಗಾಂಧಿ ತಿಳಿಸಿದರು. ಸೆಂಟ್ರಲ್ ಕಾಲೇಜು ಆವರಣದಲ್ಲಿರುವ ಜ್ಞಾನಜ್ಯೋತಿ ಸಭಾಂಗಣದಲ್ಲಿ ನಡೆದ ವಿಶ್ವವಿದ್ಯಾಲಯ ಮಟ್ಟದ ಎನ್‌ಎಸ್‌ಎಸ್ ಪ್ರಶಸ್ತಿ ಪ್ರದಾನ ಸಮಾರಂಭವನ್ನು ಉದ್ಘಾಟಿಸಿ ಮಾತನಾಡಿದರು. ವಿವಿಧ ಜಿಲ್ಲೆ ಮತ್ತು ರಾಜ್ಯಗಳ ಸಾಹಿತ್ಯ, ಸಂಗೀತ, ಕಲೆ, ಸಂಸ್ಕೃತಿಯ ವಿನಿಮಯದ ಮೂಲಕ ರಾಷ್ಟ್ರೀಯ ಸೇವಾ ಯೋಜನೆ ಸಂಘಟನೆಯು ವೈವಿಧ್ಯತೆಯಲ್ಲಿ ಏಕತೆಯನ್ನು ಸಾರುತ್ತಿದೆ. ಸಂಘಟನೆ, ಸ್ವಚ್ಛತಾ ಅಭಿಯಾನ, ಆರೋಗ್ಯ ಶಿಬಿರ, ರಕ್ತದಾನ, ಪರಿಸರ ಸಂರಕ್ಷಣೆ ಮತ್ತು ಸಾಮಾಜಿಕ ಜಾಗೃತಿ ಕಾರ್ಯಕ್ರಮಗಳ ಮೂಲಕ ವಿದ್ಯಾರ್ಥಿಗಳಲ್ಲಿ ನಾಯಕತ್ವ ಗುಣ ಮತ್ತು ಸಮಾಜ ಸೇವೆಯ ಮನೋಭಾವ ಬೆಳೆಸುತ್ತಿದೆ ಎಂದರು.	ವಿದ್ಯಾರ್ಥಿಗಳ ವ್ಯಕ್ತಿತ್ವ ನಿರ್ಮಾಣ ಹಾಗೂ ರಾಷ್ಟ್ರೀಯ ಭಾವೈಕ್ಯತೆ ಬೆಳೆಸುವಲ್ಲಿ ರಾಷ್ಟ್ರೀಯ ಸೇವಾ ಯೋಜನೆ ಮಹತ್ತರ ಕೊಡುಗೆ ನೀಡುತ್ತಿದೆ ಎಂದು ಬೆಂಗಳೂರು ವಿಶ್ವವಿದ್ಯಾಲಯದ ಕುಲಪತಿ ಪ್ರೊ.ಲಿಂಗರಾಜ ಗಾಂಧಿ ತಿಳಿಸಿದರು. ಸೆಂಟ್ರಲ್ ಕಾಲೇಜು ಆವರಣದಲ್ಲಿರುವ ಜ್ಞಾನಜ್ಯೋತಿ ಸಭಾಂಗಣದಲ್ಲಿ ನಡೆದ ವಿಶ್ವವಿದ್ಯಾಲಯ ಮಟ್ಟದ ಎನ್‌ಎಸ್‌ಎಸ್ ಪ್ರಶಸ್ತಿ ಪ್ರದಾನ
ವಿದ್ಯಾರ್ಥಿಗಳ ವ್ಯಕ್ತಿತ್ವ ನಿರ್ಮಾಣ ಹಾಗೂ ರಾಷ್ಟ್ರೀಯ ಭಾವೈಕ್ಯತೆ ಬೆಳೆಸುವಲ್ಲಿ ರಾಷ್ಟ್ರೀಯ ಸೇವಾ ಯೋಜನೆ ಮಹತ್ತರ ಕೊಡುಗೆ ನೀಡುತ್ತಿದೆ ಎಂದು ಬೆಂಗಳೂರು ವಿಶ್ವವಿದ್ಯಾಲಯದ ಕುಲಪತಿ ಪ್ರೊ.ಲಿಂಗರಾಜ ಗಾಂಧಿ ತಿಳಿಸಿದರು. ಸೆಂಟ್ರಲ್ ಕಾಲೇಜು ಆವರಣದಲ್ಲಿರುವ ಜ್ಞಾನಜ್ಯೋತಿ ಸಭಾಂಗಣದಲ್ಲಿ ನಡೆದ ವಿಶ್ವವಿದ್ಯಾಲಯ ಮಟ್ಟದ ಎನ್‌ಎಸ್‌ಎಸ್ ಪ್ರಶಸ್ತಿ ಪ್ರದಾನ ಸಮಾರಂಭವನ್ನು ಉದ್ಘಾಟಿಸಿ ಮಾತನಾಡಿದರು. ವಿವಿಧ ಜಿಲ್ಲೆ ಮತ್ತು ರಾಜ್ಯಗಳ ಸಾಹಿತ್ಯ, ಸಂಗೀತ, ಕಲೆ, ಸಂಸ್ಕೃತಿಯ ವಿನಿಮಯದ ಮೂಲಕ ರಾಷ್ಟ್ರೀಯ ಸೇವಾ ಯೋಜನೆ ಸಂಘಟನೆಯು ವೈವಿಧ್ಯತೆಯಲ್ಲಿ ಏಕತೆಯನ್ನು ಸಾರುತ್ತಿದೆ. ಸಂಘಟನೆ, ಸ್ವಚ್ಛತಾ ಅಭಿಯಾನ, ಆರೋಗ್ಯ ಶಿಬಿರ, ರಕ್ತದಾನ, ಪರಿಸರ ಸಂರಕ್ಷಣೆ ಮತ್ತು ಸಾಮಾಜಿಕ ಜಾಗೃತಿ ಕಾರ್ಯಕ್ರಮಗಳ ಮೂಲಕ ವಿದ್ಯಾರ್ಥಿಗಳಲ್ಲಿ ನಾಯಕತ್ವ ಗುಣ ಮತ್ತು ಸಮಾಜ ಸೇವೆಯ ಮನೋಭಾವ ಬೆಳೆಸುತ್ತಿದೆ ಎಂದರು.
ಅನುದಾನಗಳು ಸೆಮಿ ಕಂಡಕ್ಟರ್ ವಲಯದ
ವಿಸ್ತರಣೆಗೆ ಅನುಕೂಲ: ಎಸ್.ಕೃಷ್ಣನ್
●ಸುದ್ದಿಮೂಲ ವಾರ್ತೆ, ಬೆಂಗಳೂರು, ಮಾ. 27:
ಸೆಮಿ ಕಂಡಕ್ಟರ್ ಮಿಷನ್ ಅಡಿಯಲ್ಲಿ ಕೇಂದ್ರ ಸರ್ಕಾರ ಘೋಷಿಸಿರುವ ಅನುದಾನಗಳು ಸೆಮಿ ಕಂಡಕ್ಟರ್ ವಲಯದ ವಿಸ್ತರಣೆಗೆ ಅನುಕೂಲವಾಗಿದೆ ಎಂದು ಕೇಂದ್ರ ಎಲೆಕ್ಟ್ರಾನಿಕ್ಸ್ ಮತ್ತು ಮಾಹಿತಿ ತಂತ್ರಜ್ಞಾನ ಸಚಿವಾಲಯದ ಕಾರ್ಯದರ್ಶಿ ಎಸ್.ಕೃಷ್ಣನ್ ತಿಳಿಸಿದರು. ನಗರದಲ್ಲಿ ನಡೆದ ಭಾರತದ ಸೆಮಿಕಂಡಕ್ಟರ್ ಪರಿಸರ ವ್ಯವಸ್ಥೆ ಕುರಿತ ಸಮ್ಮೇಳನವನ್ನು ಉದ್ದೇಶಿಸಿ ಮಾತನಾಡಿದರು. ಜಾಗತಿಕ ಚಿಪ್ ಉತ್ಪಾದನೆಯಲ್ಲಿ ಭಾರತದ ಪಾತ್ರವನ್ನು ಬಲಪಡಿಸುವ ಕುರಿತು ಚರ್ಚಿಸಲಾಯಿತು. ಭಾರತದಲ್ಲಿ ಸೆಮಿಕಂಡಕ್ಟರ್ ಮಾರುಕಟ್ಟೆಯು 2030ರ ವೇಳೆಗೆ ಸುಮಾರು 45 ಶತಕೋಟಿ ಡಾಲರ್‌ನಿಂದ 110 ಶತಕೋಟಿ ಡಾಲರ್‌ಗಳಿಗೆ ಹೆಚ್ಚಾಗಲಿದೆ ಎಂದು ಅಂದಾಜಿಸಲಾಗಿದೆ. ದೇಶದ ಮೊದಲ ಸ್ವದೇಶಿ ಚಿಪ್ ಈ ವರ್ಷವೇ ಮಾರುಕಟ್ಟೆಗೆ ಬರಲಿದೆ ಎಂದು ಹೇಳಿದರು.
ಸೆಮಿ ಕಂಡಕ್ಟರ್ ಮಿಷನ್ ಅಡಿಯಲ್ಲಿ ಕೇಂದ್ರ ಸರ್ಕಾರ ಘೋಷಿಸಿರುವ ಅನುದಾನಗಳು ಸೆಮಿ ಕಂಡಕ್ಟರ್ ವಲಯದ ವಿಸ್ತರಣೆಗೆ ಅನುಕೂಲವಾಗಿದೆ ಎಂದು ಕೇಂದ್ರ ಎಲೆಕ್ಟ್ರಾನಿಕ್ಸ್ ಮತ್ತು ಮಾಹಿತಿ ತಂತ್ರಜ್ಞಾನ ಸಚಿವಾಲಯದ ಕಾರ್ಯದರ್ಶಿ ಎಸ್.ಕೃಷ್ಣನ್ ತಿಳಿಸಿದರು. ನಗರದಲ್ಲಿ ನಡೆದ ಭಾರತದ ಸೆಮಿಕಂಡಕ್ಟರ್ ಪರಿಸರ ವ್ಯವಸ್ಥೆ ಕುರಿತ ಸಮ್ಮೇಳನವನ್ನು ಉದ್ದೇಶಿಸಿ ಮಾತನಾಡಿದರು. ಜಾಗತಿಕ ಚಿಪ್ ಉತ್ಪಾದನೆಯಲ್ಲಿ ಭಾರತದ ಪಾತ್ರವನ್ನು ಬಲಪಡಿಸುವ ಕುರಿತು ಚರ್ಚಿಸಲಾಯಿತು. ಭಾರತದಲ್ಲಿ ಸೆಮಿಕಂಡಕ್ಟರ್ ಮಾರುಕಟ್ಟೆಯು 2030ರ ವೇಳೆಗೆ ಸುಮಾರು 45 ಶತಕೋಟಿ ಡಾಲರ್‌ನಿಂದ 110 ಶತಕೋಟಿ ಡಾಲರ್‌ಗಳಿಗೆ ಹೆಚ್ಚಾಗಲಿದೆ ಎಂದು ಅಂದಾಜಿಸಲಾಗಿದೆ. ದೇಶದ ಮೊದಲ ಸ್ವದೇಶಿ ಚಿಪ್ ಈ ವರ್ಷವೇ ಮಾರುಕಟ್ಟೆಗೆ ಬರಲಿದೆ ಎಂದು ಹೇಳಿದರು.
ರನ್ಯಾ ರಾವ್ ಜಾಮೀನು ಅರ್ಜಿ ವಜಾ
●ಸುದ್ದಿಮೂಲ ವಾರ್ತೆ, ಬೆಂಗಳೂರು, ಮಾ.27:
ಚಿನ್ನ ಕಳ್ಳಸಾಗಣೆ ಆರೋಪ ಪ್ರಕರಣದಲ್ಲಿ ಜಾಮೀನು ಕೋರಿ ನಟಿ ರನ್ಯಾ ರಾವ್ ಸಲ್ಲಿಸಿದ್ದ ಅರ್ಜಿಯನ್ನು ಬೆಂಗಳೂರಿನ 64ನೇ ಸಿಸಿಎಚ್ ನ್ಯಾಯಾಲಯ ವಜಾಗೊಳಿಸಿದೆ. ಇದರಿಂದ ರನ್ಯಾ ರಾವ್ ಅವರಿಗೆ ಜೈಲೇ ಗತಿಯಾಗಿದೆ. ಪ್ರಕರಣದಲ್ಲಿ ಆಂತರಾಷ್ಟ್ರೀಯ ಜಾಲದ ಶಂಕೆ ವ್ಯಕ್ತವಾಗಿದ್ದು, ತನಿಖೆ ಪ್ರಗತಿಯಲ್ಲಿದೆ. ದುಬೈನಿಂದ ಬೆಂಗಳೂರು ಅಂತಾರಾಷ್ಟ್ರೀಯ ವಿಮಾನ ನಿಲ್ದಾಣಕ್ಕೆ ಆಗಮಿಸಿದ್ದ ವೇಳೆ 12.56 ಕೋಟಿ ರೂ. ಮೌಲ್ಯದ 14.8 ಕೆಜಿ ಚಿನ್ನದ ಸಹಿತ ಡಿಆರ್‌ಐ ಅಧಿಕಾರಿಗಳು ರನ್ಯಾ ರಾವ್ ಅವರನ್ನು ಬಂಧಿಸಿದ್ದರು. ಆರೋಪಿ ಪರ ವಕೀಲರು ಹಾಗೂ ಡಿಆರ್‌ಐ ಪರ ವಕೀಲರ ವಾದ ಆಲಿಸಿದ ನ್ಯಾಯಾಲಯ ಜಾಮೀನು ಅರ್ಜಿಯನ್ನು ತಿರಸ್ಕರಿಸಿದೆ.
ಕಾವ್ಯಕ್ಕೆ ಲೋಕದ ದೃಷ್ಟಿಯನ್ನು ಬದಲಿಸುವ ಶಕ್ತಿ ಇದೆ: ಡಾ.ಎಲ್.ಹನುಮಂತಯ್ಯ
●ಸುದ್ದಿಮೂಲ ವಾರ್ತೆ, ದೇವನಹಳ್ಳಿ, ಮಾ.27:
ಸಮಾಜದ ಅನ್ಯಾಯಗಳನ್ನು ಪ್ರಶ್ನಿಸುವ ಮತ್ತು ಮನುಷ್ಯ ಸಂಬಂಧಗಳನ್ನು ಗಟ್ಟಿಗೊಳಿಸುವ ಶಕ್ತಿ ಕಾವ್ಯಕ್ಕಿದೆ. ಕಾವ್ಯಕ್ಕೆ ಲೋಕದ ದೃಷ್ಟಿಯನ್ನು ಬದಲಿಸುವ ಶಕ್ತಿ ಇದೆ ಎಂದು ಹಿರಿಯ ಕವಿ ಡಾ.ಎಲ್.ಹನುಮಂತಯ್ಯ ಹೇಳಿದರು. ವಿಜಯಪುರ ಪಟ್ಟಣದ ಸರ್ಕಾರಿ ಪದವಿ ಪೂರ್ವ ಕಾಲೇಜಿನ ಆವರಣದಲ್ಲಿ ಆಯೋಜಿಸಿದ್ದ ಕವಿಗೋಷ್ಠಿ ಕಾರ್ಯಕ್ರಮ ಉದ್ಘಾಟಿಸಿ ಮಾತನಾಡಿದರು. ಯುವ ಕವಿಗಳು ಹೆಚ್ಚು ಓದಬೇಕು, ಹಿರಿಯರ ಕಾವ್ಯವನ್ನು ಅಧ್ಯಯನ ಮಾಡಬೇಕು. ಕವಿತೆ ಕೇವಲ ಪದಗಳ ಜೋಡಣೆಯಲ್ಲ, ಅದು ಅನುಭವದ ಅಭಿವ್ಯಕ್ತಿ. ಕನ್ನಡ ಸಾಹಿತ್ಯ ಪರಂಪರೆ ಶ್ರೀಮಂತವಾಗಿದ್ದು ಅದನ್ನು ಮುಂದಿನ ತಲೆಮಾರಿಗೆ ದಾಟಿಸುವ ಜವಾಬ್ದಾರಿ ನಮ್ಮದು ಎಂದರು. ಕಾರ್ಯಕ್ರಮದಲ್ಲಿ ಹಲವು ಕವಿಗಳು ಕವನ ವಾಚನ ಮಾಡಿದರು.
ಸಮಾಜದ ಅನ್ಯಾಯಗಳನ್ನು ಪ್ರಶ್ನಿಸುವ ಮತ್ತು ಮನುಷ್ಯ ಸಂಬಂಧಗಳನ್ನು ಗಟ್ಟಿಗೊಳಿಸುವ ಶಕ್ತಿ ಕಾವ್ಯಕ್ಕಿದೆ. ಕಾವ್ಯಕ್ಕೆ ಲೋಕದ ದೃಷ್ಟಿಯನ್ನು ಬದಲಿಸುವ ಶಕ್ತಿ ಇದೆ ಎಂದು ಹಿರಿಯ ಕವಿ ಡಾ.ಎಲ್.ಹನುಮಂತಯ್ಯ ಹೇಳಿದರು. ವಿಜಯಪುರ ಪಟ್ಟಣದ ಸರ್ಕಾರಿ ಪದವಿ ಪೂರ್ವ ಕಾಲೇಜಿನ ಆವರಣದಲ್ಲಿ ಆಯೋಜಿಸಿದ್ದ ಕವಿಗೋಷ್ಠಿ ಕಾರ್ಯಕ್ರಮ ಉದ್ಘಾಟಿಸಿ ಮಾತನಾಡಿದರು. ಯುವ ಕವಿಗಳು ಹೆಚ್ಚು ಓದಬೇಕು, ಹಿರಿಯರ ಕಾವ್ಯವನ್ನು ಅಧ್ಯಯನ ಮಾಡಬೇಕು. ಕವಿತೆ ಕೇವಲ ಪದಗಳ ಜೋಡಣೆಯಲ್ಲ, ಅದು ಅನುಭವದ ಅಭಿವ್ಯಕ್ತಿ. ಕನ್ನಡ ಸಾಹಿತ್ಯ ಪರಂಪರೆ ಶ್ರೀಮಂತವಾಗಿದ್ದು ಅದನ್ನು ಮುಂದಿನ ತಲೆಮಾರಿಗೆ ದಾಟಿಸುವ ಜವಾಬ್ದಾರಿ ನಮ್ಮದು ಎಂದರು. ಕಾರ್ಯಕ್ರಮದಲ್ಲಿ ಹಲವು ಕವಿಗಳು ಕವನ ವಾಚನ ಮಾಡಿದರು.
ಸಮಾಜದ ಅನ್ಯಾಯಗಳನ್ನು ಪ್ರಶ್ನಿಸುವ ಮತ್ತು ಮನುಷ್ಯ ಸಂಬಂಧಗಳನ್ನು ಗಟ್ಟಿಗೊಳಿಸುವ ಶಕ್ತಿ ಕಾವ್ಯಕ್ಕಿದೆ. ಕಾವ್ಯಕ್ಕೆ ಲೋಕದ ದೃಷ್ಟಿಯನ್ನು ಬದಲಿಸುವ ಶಕ್ತಿ ಇದೆ ಎಂದು ಹಿರಿಯ ಕವಿ ಡಾ.ಎಲ್.ಹನುಮಂತಯ್ಯ ಹೇಳಿದರು. ವಿಜಯಪುರ ಪಟ್ಟಣದ ಸರ್ಕಾರಿ ಪದವಿ ಪೂರ್ವ ಕಾಲೇಜಿನ ಆವರಣದಲ್ಲಿ ಆಯೋಜಿಸಿದ್ದ ಕವಿಗೋಷ್ಠಿ ಕಾರ್ಯಕ್ರಮ ಉದ್ಘಾಟಿಸಿ ಮಾತನಾಡಿದರು. ಯುವ ಕವಿಗಳು ಹೆಚ್ಚು ಓದಬೇಕು, ಹಿರಿಯರ ಕಾವ್ಯವನ್ನು ಅಧ್ಯಯನ ಮಾಡಬೇಕು. ಕವಿತೆ ಕೇವಲ ಪದಗಳ ಜೋಡಣೆಯಲ್ಲ, ಅದು ಅನುಭವದ ಅಭಿವ್ಯಕ್ತಿ. ಕನ್ನಡ ಸಾಹಿತ್ಯ ಪರಂಪರೆ ಶ್ರೀಮಂತವಾಗಿದ್ದು ಅದನ್ನು ಮುಂದಿನ ತಲೆಮಾರಿಗೆ ದಾಟಿಸುವ ಜವಾಬ್ದಾರಿ ನಮ್ಮದು ಎಂದರು. ಕಾರ್ಯಕ್ರಮದಲ್ಲಿ ಹಲವು ಕವಿಗಳು ಕವನ ವಾಚನ ಮಾಡಿದರು.
SUDDI MOOLA – Printed and Published by Vishwanath Basavaraj Swamy on behalf of Suddimoola Publishers India Limited. Printed at Abhimaani Prakashana, No. 2/4, Dr.Rajkumar Road, Bengaluru – 560 010 Karnataka.
Published at : # 76/1, 6th Cross, Sampige Road, Malleswaram, Bengaluru – 560 003. Karnataka. Mob:9591374602 Editor : Basavaraj Swamy RNI No.: KARKAN/2023/85361 Vol.02 No.338
